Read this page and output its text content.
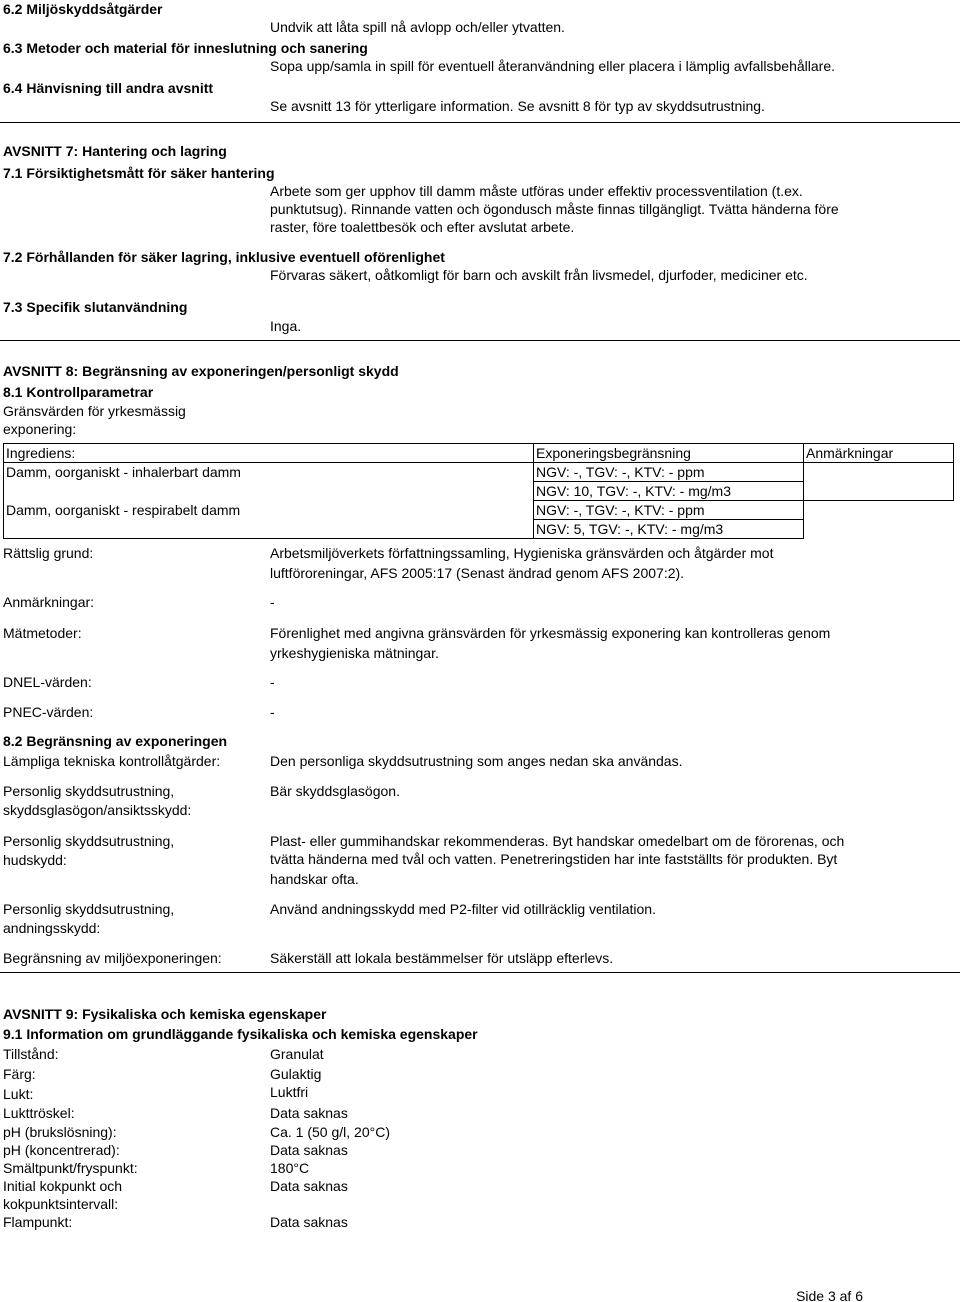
6.2 Miljöskyddsåtgärder
Undvik att låta spill nå avlopp och/eller ytvatten.
6.3 Metoder och material för inneslutning och sanering
Sopa upp/samla in spill för eventuell återanvändning eller placera i lämplig avfallsbehållare.
6.4 Hänvisning till andra avsnitt
Se avsnitt 13 för ytterligare information. Se avsnitt 8 för typ av skyddsutrustning.
AVSNITT 7: Hantering och lagring
7.1 Försiktighetsmått för säker hantering
Arbete som ger upphov till damm måste utföras under effektiv processventilation (t.ex.
punktutsug). Rinnande vatten och ögondusch måste finnas tillgängligt. Tvätta händerna före
raster, före toalettbesök och efter avslutat arbete.
7.2 Förhållanden för säker lagring, inklusive eventuell oförenlighet
Förvaras säkert, oåtkomligt för barn och avskilt från livsmedel, djurfoder, mediciner etc.
7.3 Specifik slutanvändning
Inga.
AVSNITT 8: Begränsning av exponeringen/personligt skydd
8.1 Kontrollparametrar
Gränsvärden för yrkesmässig
exponering:
Ingrediens:	Exponeringsbegränsning	Anmärkningar
Damm, oorganiskt - inhalerbart damm	NGV: -, TGV: -, KTV: - ppm	
	NGV: 10, TGV: -, KTV: - mg/m3	
Damm, oorganiskt - respirabelt damm	NGV: -, TGV: -, KTV: - ppm	
	NGV: 5, TGV: -, KTV: - mg/m3	
Rättslig grund:	Arbetsmiljöverkets författningssamling, Hygieniska gränsvärden och åtgärder mot
luftföroreningar, AFS 2005:17 (Senast ändrad genom AFS 2007:2).
Anmärkningar:	-
Mätmetoder:	Förenlighet med angivna gränsvärden för yrkesmässig exponering kan kontrolleras genom
yrkeshygieniska mätningar.
DNEL-värden:	-
PNEC-värden:	-
8.2 Begränsning av exponeringen
Lämpliga tekniska kontrollåtgärder:	Den personliga skyddsutrustning som anges nedan ska användas.
Personlig skyddsutrustning,
skyddsglasögon/ansiktsskydd:
Bär skyddsglasögon.
Personlig skyddsutrustning,
hudskydd:
Plast- eller gummihandskar rekommenderas. Byt handskar omedelbart om de förorenas, och
tvätta händerna med tvål och vatten. Penetreringstiden har inte fastställts för produkten. Byt
handskar ofta.
Personlig skyddsutrustning,
andningsskydd:
Använd andningsskydd med P2-filter vid otillräcklig ventilation.
Begränsning av miljöexponeringen:	Säkerställ att lokala bestämmelser för utsläpp efterlevs.
AVSNITT 9: Fysikaliska och kemiska egenskaper
9.1 Information om grundläggande fysikaliska och kemiska egenskaper
Tillstånd:	Granulat
Färg:	Gulaktig
Lukt:	Luktfri
Lukttröskel:	Data saknas
pH (brukslösning):	Ca. 1 (50 g/l, 20°C)
pH (koncentrerad):	Data saknas
Smältpunkt/fryspunkt:	180°C
Initial kokpunkt och	Data saknas
kokpunktsintervall:
Flampunkt:	Data saknas
Side 3 af 6
